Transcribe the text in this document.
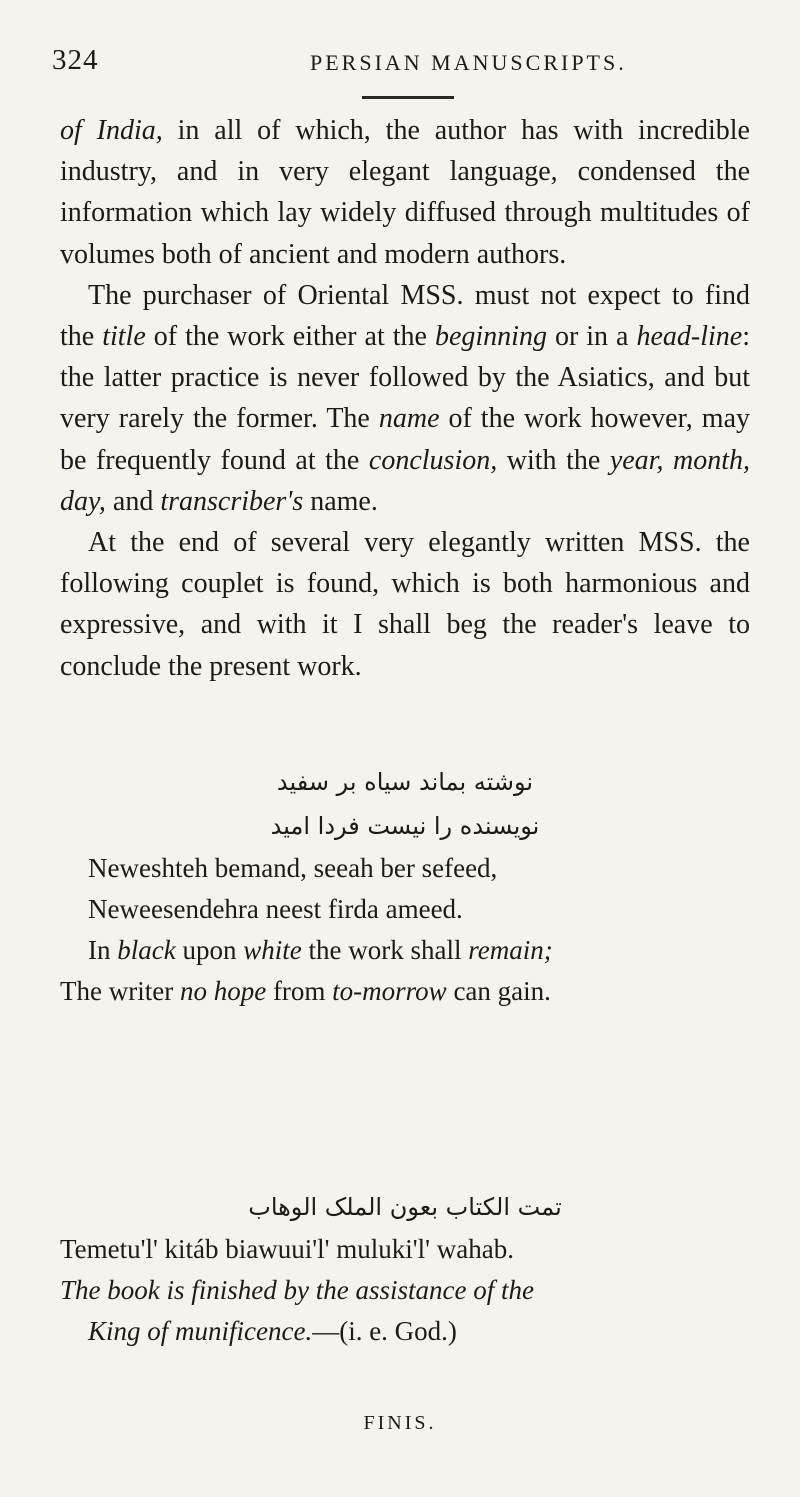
324	PERSIAN MANUSCRIPTS.

of India, in all of which, the author has with incredible industry, and in very elegant language, condensed the information which lay widely diffused through multitudes of volumes both of ancient and modern authors.

The purchaser of Oriental MSS. must not expect to find the title of the work either at the beginning or in a head-line: the latter practice is never followed by the Asiatics, and but very rarely the former. The name of the work however, may be frequently found at the conclusion, with the year, month, day, and transcriber's name.

At the end of several very elegantly written MSS. the following couplet is found, which is both harmonious and expressive, and with it I shall beg the reader's leave to conclude the present work.

نوشته بماند سیاه بر سفید
نویسنده را نیست فردا امید
Neweshteh bemand, seeah ber sefeed,
Neweesendehra neest firda ameed.
In black upon white the work shall remain;
The writer no hope from to-morrow can gain.
تمت الکتاب بعون الملک الوهاب
Temetu'l' kitáb biawuui'l' muluki'l' wahab.
The book is finished by the assistance of the
King of munificence.—(i. e. God.)
FINIS.
